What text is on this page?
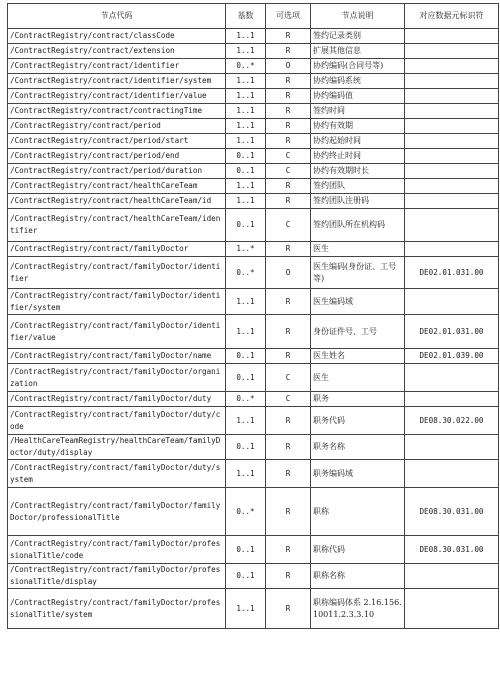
节点代码	基数	可选项	节点说明	对应数据元标识符
/ContractRegistry/contract/classCode	1..1	R	签约记录类别	
/ContractRegistry/contract/extension	1..1	R	扩展其他信息	
/ContractRegistry/contract/identifier	0..*	O	协约编码(合同号等)	
/ContractRegistry/contract/identifier/system	1..1	R	协约编码系统	
/ContractRegistry/contract/identifier/value	1..1	R	协约编码值	
/ContractRegistry/contract/contractingTime	1..1	R	签约时间	
/ContractRegistry/contract/period	1..1	R	协约有效期	
/ContractRegistry/contract/period/start	1..1	R	协约起始时间	
/ContractRegistry/contract/period/end	0..1	C	协约终止时间	
/ContractRegistry/contract/period/duration	0..1	C	协约有效期时长	
/ContractRegistry/contract/healthCareTeam	1..1	R	签约团队	
/ContractRegistry/contract/healthCareTeam/id	1..1	R	签约团队注册码	
/ContractRegistry/contract/healthCareTeam/identifier	0..1	C	签约团队所在机构码	
/ContractRegistry/contract/familyDoctor	1..*	R	医生	
/ContractRegistry/contract/familyDoctor/identifier	0..*	O	医生编码(身份证、工号等)	DE02.01.031.00
/ContractRegistry/contract/familyDoctor/identifier/system	1..1	R	医生编码域	
/ContractRegistry/contract/familyDoctor/identifier/value	1..1	R	身份证件号、工号	DE02.01.031.00
/ContractRegistry/contract/familyDoctor/name	0..1	R	医生姓名	DE02.01.039.00
/ContractRegistry/contract/familyDoctor/organization	0..1	C	医生	
/ContractRegistry/contract/familyDoctor/duty	0..*	C	职务	
/ContractRegistry/contract/familyDoctor/duty/code	1..1	R	职务代码	DE08.30.022.00
/HealthCareTeamRegistry/healthCareTeam/familyDoctor/duty/display	0..1	R	职务名称	
/ContractRegistry/contract/familyDoctor/duty/system	1..1	R	职务编码域	
/ContractRegistry/contract/familyDoctor/familyDoctor/professionalTitle	0..*	R	职称	DE08.30.031.00
/ContractRegistry/contract/familyDoctor/professionalTitle/code	0..1	R	职称代码	DE08.30.031.00
/ContractRegistry/contract/familyDoctor/professionalTitle/display	0..1	R	职称名称	
/ContractRegistry/contract/familyDoctor/professionalTitle/system	1..1	R	职称编码体系 2.16.156.10011.2.3.3.10	
